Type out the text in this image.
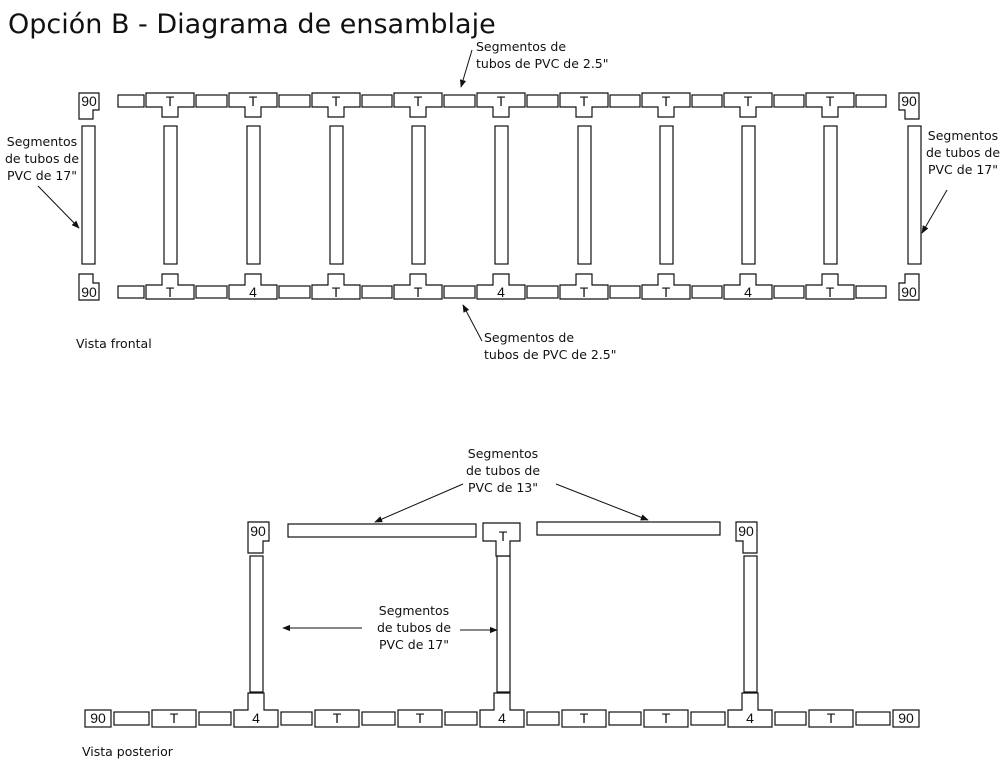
Opción B - Diagrama de ensamblaje
90	T	T	T	T	T	T	T	T	T	90
90	T	4	T	T	4	T	T	4	T	90
Vista frontal
90	T	4	T	T	4	T	T	4	T	90
90	T	90
Vista posterior
Segmentos de
tubos de PVC de 2.5"
Segmentos de
tubos de PVC de 2.5"
Segmentos
de tubos de
PVC de 17"
Segmentos
de tubos de
PVC de 17"
Segmentos
de tubos de
PVC de 13"
Segmentos
de tubos de
PVC de 17"
